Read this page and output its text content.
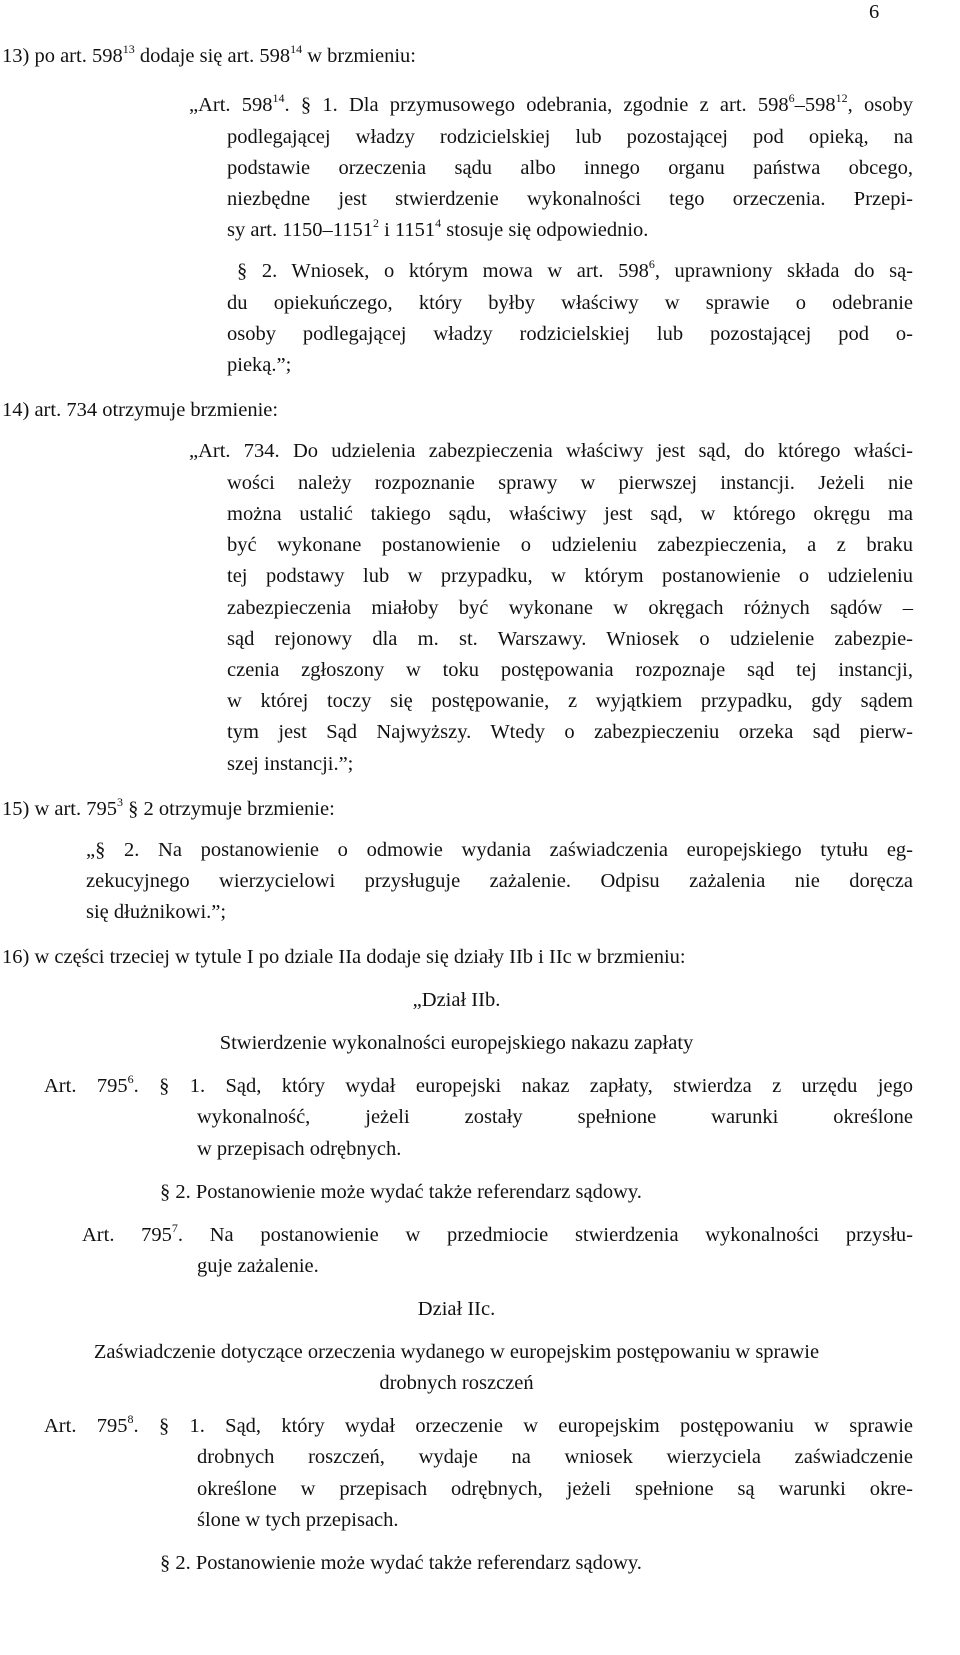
6
13) po art. $598^{13}$ dodaje się art. $598^{14}$ w brzmieniu:
„Art. $598^{14}$. § 1. Dla przymusowego odebrania, zgodnie z art. $598^6-598^{12}$, osoby
podlegającej władzy rodzicielskiej lub pozostającej pod opieką, na
podstawie orzeczenia sądu albo innego organu państwa obcego,
niezbędne jest stwierdzenie wykonalności tego orzeczenia. Przepi-
sy art. 1150–1151$^2$ i 1151$^4$ stosuje się odpowiednio.
§ 2. Wniosek, o którym mowa w art. $598^6$, uprawniony składa do są-
du opiekuńczego, który byłby właściwy w sprawie o odebranie
osoby podlegającej władzy rodzicielskiej lub pozostającej pod o-
pieką.”;
14) art. 734 otrzymuje brzmienie:
„Art. 734. Do udzielenia zabezpieczenia właściwy jest sąd, do którego właści-
wości należy rozpoznanie sprawy w pierwszej instancji. Jeżeli nie
można ustalić takiego sądu, właściwy jest sąd, w którego okręgu ma
być wykonane postanowienie o udzieleniu zabezpieczenia, a z braku
tej podstawy lub w przypadku, w którym postanowienie o udzieleniu
zabezpieczenia miałoby być wykonane w okręgach różnych sądów –
sąd rejonowy dla m. st. Warszawy. Wniosek o udzielenie zabezpie-
czenia zgłoszony w toku postępowania rozpoznaje sąd tej instancji,
w której toczy się postępowanie, z wyjątkiem przypadku, gdy sądem
tym jest Sąd Najwyższy. Wtedy o zabezpieczeniu orzeka sąd pierw-
szej instancji.”;
15) w art. $795^3$ § 2 otrzymuje brzmienie:
„§ 2. Na postanowienie o odmowie wydania zaświadczenia europejskiego tytułu eg-
zekucyjnego wierzycielowi przysługuje zażalenie. Odpisu zażalenia nie doręcza
się dłużnikowi.”;
16) w części trzeciej w tytule I po dziale IIa dodaje się działy IIb i IIc w brzmieniu:
„Dział IIb.
Stwierdzenie wykonalności europejskiego nakazu zapłaty
Art. $795^6$. § 1. Sąd, który wydał europejski nakaz zapłaty, stwierdza z urzędu jego
wykonalność, jeżeli zostały spełnione warunki określone
w przepisach odrębnych.
§ 2. Postanowienie może wydać także referendarz sądowy.
Art. $795^7$. Na postanowienie w przedmiocie stwierdzenia wykonalności przysłu-
guje zażalenie.
Dział IIc.
Zaświadczenie dotyczące orzeczenia wydanego w europejskim postępowaniu w sprawie
drobnych roszczeń
Art. $795^8$. § 1. Sąd, który wydał orzeczenie w europejskim postępowaniu w sprawie
drobnych roszczeń, wydaje na wniosek wierzyciela zaświadczenie
określone w przepisach odrębnych, jeżeli spełnione są warunki okre-
ślone w tych przepisach.
§ 2. Postanowienie może wydać także referendarz sądowy.
